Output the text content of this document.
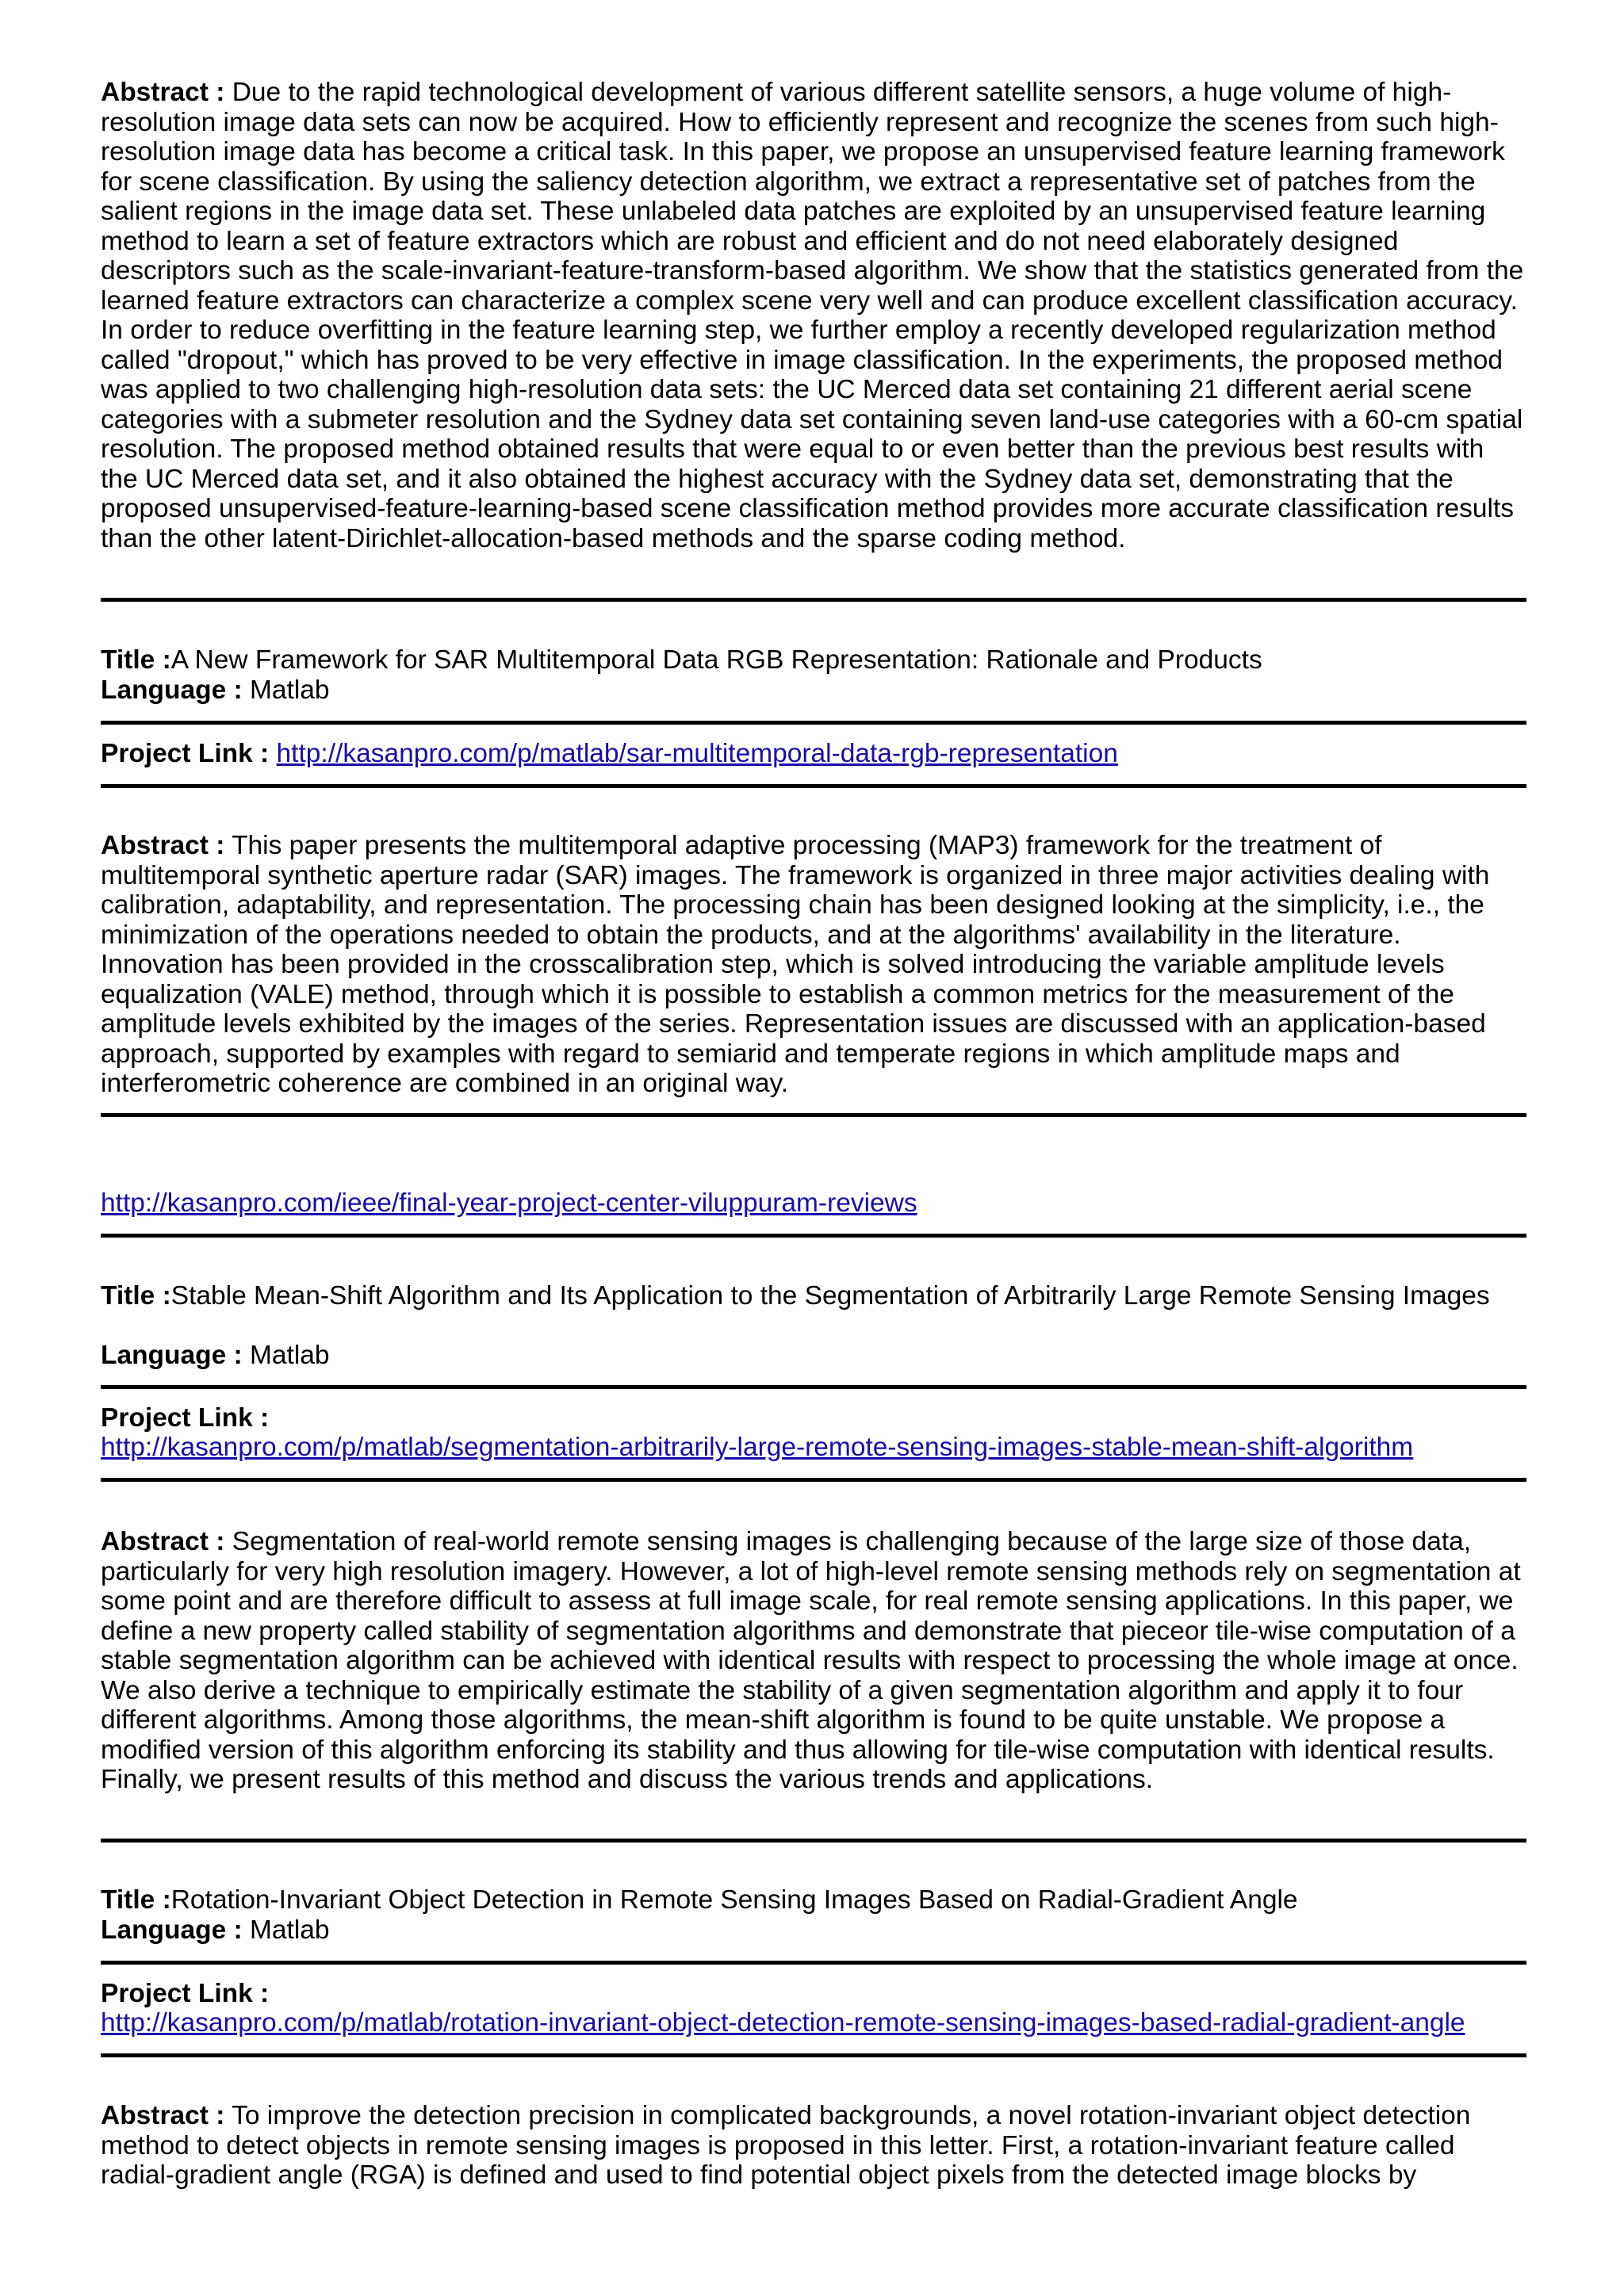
Abstract : Due to the rapid technological development of various different satellite sensors, a huge volume of high-resolution image data sets can now be acquired. How to efficiently represent and recognize the scenes from such high-resolution image data has become a critical task. In this paper, we propose an unsupervised feature learning framework for scene classification. By using the saliency detection algorithm, we extract a representative set of patches from the salient regions in the image data set. These unlabeled data patches are exploited by an unsupervised feature learning method to learn a set of feature extractors which are robust and efficient and do not need elaborately designed descriptors such as the scale-invariant-feature-transform-based algorithm. We show that the statistics generated from the learned feature extractors can characterize a complex scene very well and can produce excellent classification accuracy. In order to reduce overfitting in the feature learning step, we further employ a recently developed regularization method called "dropout," which has proved to be very effective in image classification. In the experiments, the proposed method was applied to two challenging high-resolution data sets: the UC Merced data set containing 21 different aerial scene categories with a submeter resolution and the Sydney data set containing seven land-use categories with a 60-cm spatial resolution. The proposed method obtained results that were equal to or even better than the previous best results with the UC Merced data set, and it also obtained the highest accuracy with the Sydney data set, demonstrating that the proposed unsupervised-feature-learning-based scene classification method provides more accurate classification results than the other latent-Dirichlet-allocation-based methods and the sparse coding method.

Title :A New Framework for SAR Multitemporal Data RGB Representation: Rationale and Products

Language : Matlab

Project Link : http://kasanpro.com/p/matlab/sar-multitemporal-data-rgb-representation

Abstract : This paper presents the multitemporal adaptive processing (MAP3) framework for the treatment of multitemporal synthetic aperture radar (SAR) images. The framework is organized in three major activities dealing with calibration, adaptability, and representation. The processing chain has been designed looking at the simplicity, i.e., the minimization of the operations needed to obtain the products, and at the algorithms' availability in the literature. Innovation has been provided in the crosscalibration step, which is solved introducing the variable amplitude levels equalization (VALE) method, through which it is possible to establish a common metrics for the measurement of the amplitude levels exhibited by the images of the series. Representation issues are discussed with an application-based approach, supported by examples with regard to semiarid and temperate regions in which amplitude maps and interferometric coherence are combined in an original way.

http://kasanpro.com/ieee/final-year-project-center-viluppuram-reviews

Title :Stable Mean-Shift Algorithm and Its Application to the Segmentation of Arbitrarily Large Remote Sensing Images

Language : Matlab

Project Link :

http://kasanpro.com/p/matlab/segmentation-arbitrarily-large-remote-sensing-images-stable-mean-shift-algorithm

Abstract : Segmentation of real-world remote sensing images is challenging because of the large size of those data, particularly for very high resolution imagery. However, a lot of high-level remote sensing methods rely on segmentation at some point and are therefore difficult to assess at full image scale, for real remote sensing applications. In this paper, we define a new property called stability of segmentation algorithms and demonstrate that pieceor tile-wise computation of a stable segmentation algorithm can be achieved with identical results with respect to processing the whole image at once. We also derive a technique to empirically estimate the stability of a given segmentation algorithm and apply it to four different algorithms. Among those algorithms, the mean-shift algorithm is found to be quite unstable. We propose a modified version of this algorithm enforcing its stability and thus allowing for tile-wise computation with identical results. Finally, we present results of this method and discuss the various trends and applications.

Title :Rotation-Invariant Object Detection in Remote Sensing Images Based on Radial-Gradient Angle

Language : Matlab

Project Link :

http://kasanpro.com/p/matlab/rotation-invariant-object-detection-remote-sensing-images-based-radial-gradient-angle

Abstract : To improve the detection precision in complicated backgrounds, a novel rotation-invariant object detection method to detect objects in remote sensing images is proposed in this letter. First, a rotation-invariant feature called radial-gradient angle (RGA) is defined and used to find potential object pixels from the detected image blocks by
